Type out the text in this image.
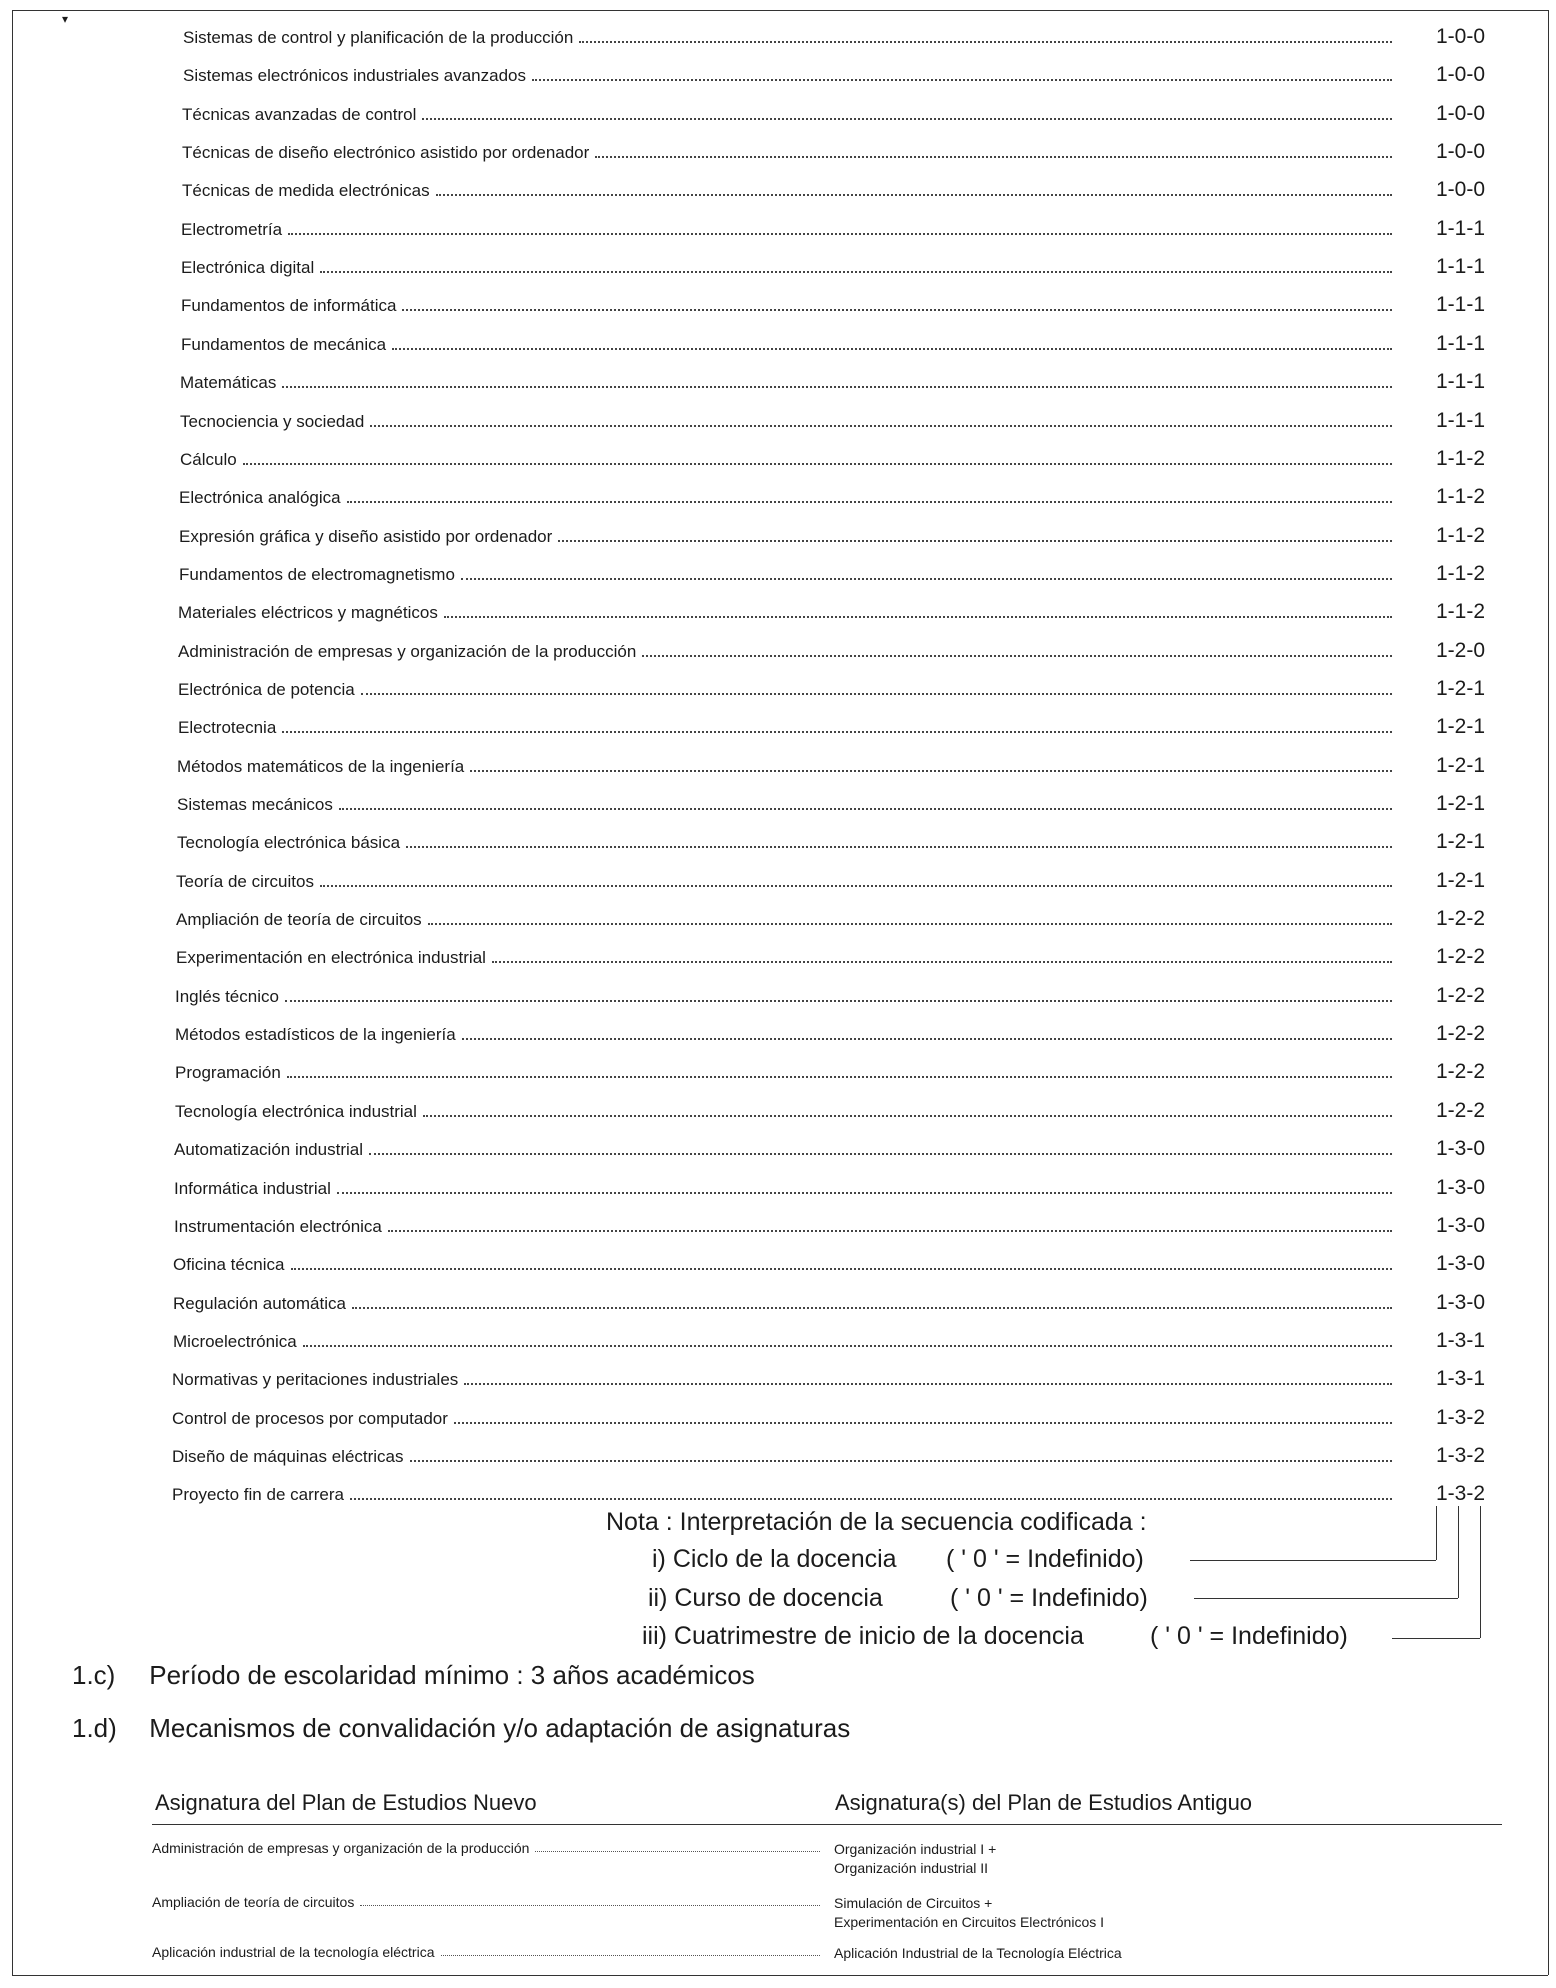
▾
Sistemas de control y planificación de la producción	1-0-0
Sistemas electrónicos industriales avanzados	1-0-0
Técnicas avanzadas de control	1-0-0
Técnicas de diseño electrónico asistido por ordenador	1-0-0
Técnicas de medida electrónicas	1-0-0
Electrometría	1-1-1
Electrónica digital	1-1-1
Fundamentos de informática	1-1-1
Fundamentos de mecánica	1-1-1
Matemáticas	1-1-1
Tecnociencia y sociedad	1-1-1
Cálculo	1-1-2
Electrónica analógica	1-1-2
Expresión gráfica y diseño asistido por ordenador	1-1-2
Fundamentos de electromagnetismo	1-1-2
Materiales eléctricos y magnéticos	1-1-2
Administración de empresas y organización de la producción	1-2-0
Electrónica de potencia	1-2-1
Electrotecnia	1-2-1
Métodos matemáticos de la ingeniería	1-2-1
Sistemas mecánicos	1-2-1
Tecnología electrónica básica	1-2-1
Teoría de circuitos	1-2-1
Ampliación de teoría de circuitos	1-2-2
Experimentación en electrónica industrial	1-2-2
Inglés técnico	1-2-2
Métodos estadísticos de la ingeniería	1-2-2
Programación	1-2-2
Tecnología electrónica industrial	1-2-2
Automatización industrial	1-3-0
Informática industrial	1-3-0
Instrumentación electrónica	1-3-0
Oficina técnica	1-3-0
Regulación automática	1-3-0
Microelectrónica	1-3-1
Normativas y peritaciones industriales	1-3-1
Control de procesos por computador	1-3-2
Diseño de máquinas eléctricas	1-3-2
Proyecto fin de carrera	1-3-2
Nota : Interpretación de la secuencia codificada :
i) Ciclo de la docencia ( ' 0 ' = Indefinido)
ii) Curso de docencia	( ' 0 ' = Indefinido)
iii) Cuatrimestre de inicio de la docencia	( ' 0 ' = Indefinido)
1.c) Período de escolaridad mínimo : 3 años académicos
1.d) Mecanismos de convalidación y/o adaptación de asignaturas
Asignatura del Plan de Estudios Nuevo	Asignatura(s) del Plan de Estudios Antiguo
Administración de empresas y organización de la producción	Organización industrial I +
Organización industrial II
Ampliación de teoría de circuitos	Simulación de Circuitos +
Experimentación en Circuitos Electrónicos I
Aplicación industrial de la tecnología eléctrica	Aplicación Industrial de la Tecnología Eléctrica
